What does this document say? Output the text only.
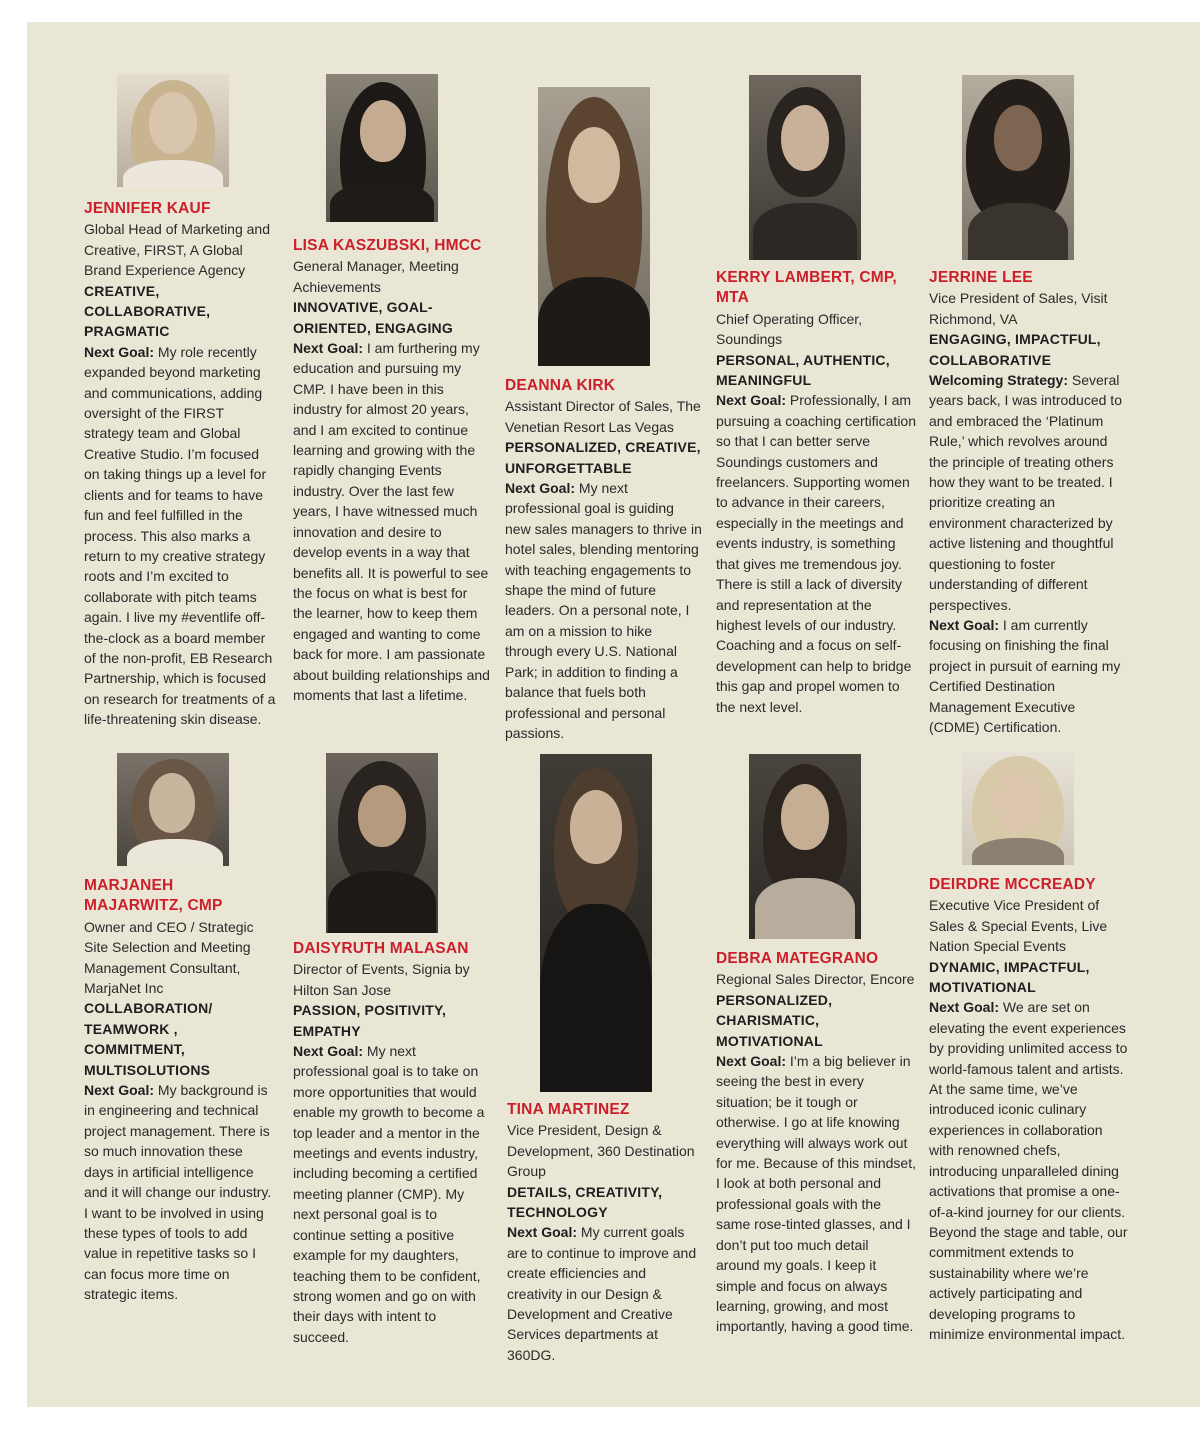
JENNIFER KAUF

Global Head of Marketing and Creative, FIRST, A Global Brand Experience Agency

CREATIVE, COLLABORATIVE, PRAGMATIC

Next Goal: My role recently expanded beyond marketing and communications, adding oversight of the FIRST strategy team and Global Creative Studio. I’m focused on taking things up a level for clients and for teams to have fun and feel fulfilled in the process. This also marks a return to my creative strategy roots and I’m excited to collaborate with pitch teams again. I live my #eventlife off-the-clock as a board member of the non-profit, EB Research Partnership, which is focused on research for treatments of a life-threatening skin disease.

LISA KASZUBSKI, HMCC

General Manager, Meeting Achievements

INNOVATIVE, GOAL-ORIENTED, ENGAGING

Next Goal: I am furthering my education and pursuing my CMP. I have been in this industry for almost 20 years, and I am excited to continue learning and growing with the rapidly changing Events industry. Over the last few years, I have witnessed much innovation and desire to develop events in a way that benefits all. It is powerful to see the focus on what is best for the learner, how to keep them engaged and wanting to come back for more. I am passionate about building relationships and moments that last a lifetime.

DEANNA KIRK

Assistant Director of Sales, The Venetian Resort Las Vegas

PERSONALIZED, CREATIVE, UNFORGETTABLE

Next Goal: My next professional goal is guiding new sales managers to thrive in hotel sales, blending mentoring with teaching engagements to shape the mind of future leaders. On a personal note, I am on a mission to hike through every U.S. National Park; in addition to finding a balance that fuels both professional and personal passions.

KERRY LAMBERT, CMP, MTA

Chief Operating Officer, Soundings

PERSONAL, AUTHENTIC, MEANINGFUL

Next Goal: Professionally, I am pursuing a coaching certification so that I can better serve Soundings customers and freelancers. Supporting women to advance in their careers, especially in the meetings and events industry, is something that gives me tremendous joy. There is still a lack of diversity and representation at the highest levels of our industry. Coaching and a focus on self-development can help to bridge this gap and propel women to the next level.

JERRINE LEE

Vice President of Sales, Visit Richmond, VA

ENGAGING, IMPACTFUL, COLLABORATIVE

Welcoming Strategy: Several years back, I was introduced to and embraced the ‘Platinum Rule,’ which revolves around the principle of treating others how they want to be treated. I prioritize creating an environment characterized by active listening and thoughtful questioning to foster understanding of different perspectives.

Next Goal: I am currently focusing on finishing the final project in pursuit of earning my Certified Destination Management Executive (CDME) Certification.

MARJANEH MAJARWITZ, CMP

Owner and CEO / Strategic Site Selection and Meeting Management Consultant, MarjaNet Inc

COLLABORATION/ TEAMWORK , COMMITMENT, MULTISOLUTIONS

Next Goal: My background is in engineering and technical project management. There is so much innovation these days in artificial intelligence and it will change our industry. I want to be involved in using these types of tools to add value in repetitive tasks so I can focus more time on strategic items.

DAISYRUTH MALASAN

Director of Events, Signia by Hilton San Jose

PASSION, POSITIVITY, EMPATHY

Next Goal: My next professional goal is to take on more opportunities that would enable my growth to become a top leader and a mentor in the meetings and events industry, including becoming a certified meeting planner (CMP). My next personal goal is to continue setting a positive example for my daughters, teaching them to be confident, strong women and go on with their days with intent to succeed.

TINA MARTINEZ

Vice President, Design & Development, 360 Destination Group

DETAILS, CREATIVITY, TECHNOLOGY

Next Goal: My current goals are to continue to improve and create efficiencies and creativity in our Design & Development and Creative Services departments at 360DG.

DEBRA MATEGRANO

Regional Sales Director, Encore

PERSONALIZED, CHARISMATIC, MOTIVATIONAL

Next Goal: I’m a big believer in seeing the best in every situation; be it tough or otherwise. I go at life knowing everything will always work out for me. Because of this mindset, I look at both personal and professional goals with the same rose-tinted glasses, and I don’t put too much detail around my goals. I keep it simple and focus on always learning, growing, and most importantly, having a good time.

DEIRDRE MCCREADY

Executive Vice President of Sales & Special Events, Live Nation Special Events

DYNAMIC, IMPACTFUL, MOTIVATIONAL

Next Goal: We are set on elevating the event experiences by providing unlimited access to world-famous talent and artists. At the same time, we’ve introduced iconic culinary experiences in collaboration with renowned chefs, introducing unparalleled dining activations that promise a one-of-a-kind journey for our clients. Beyond the stage and table, our commitment extends to sustainability where we’re actively participating and developing programs to minimize environmental impact.
